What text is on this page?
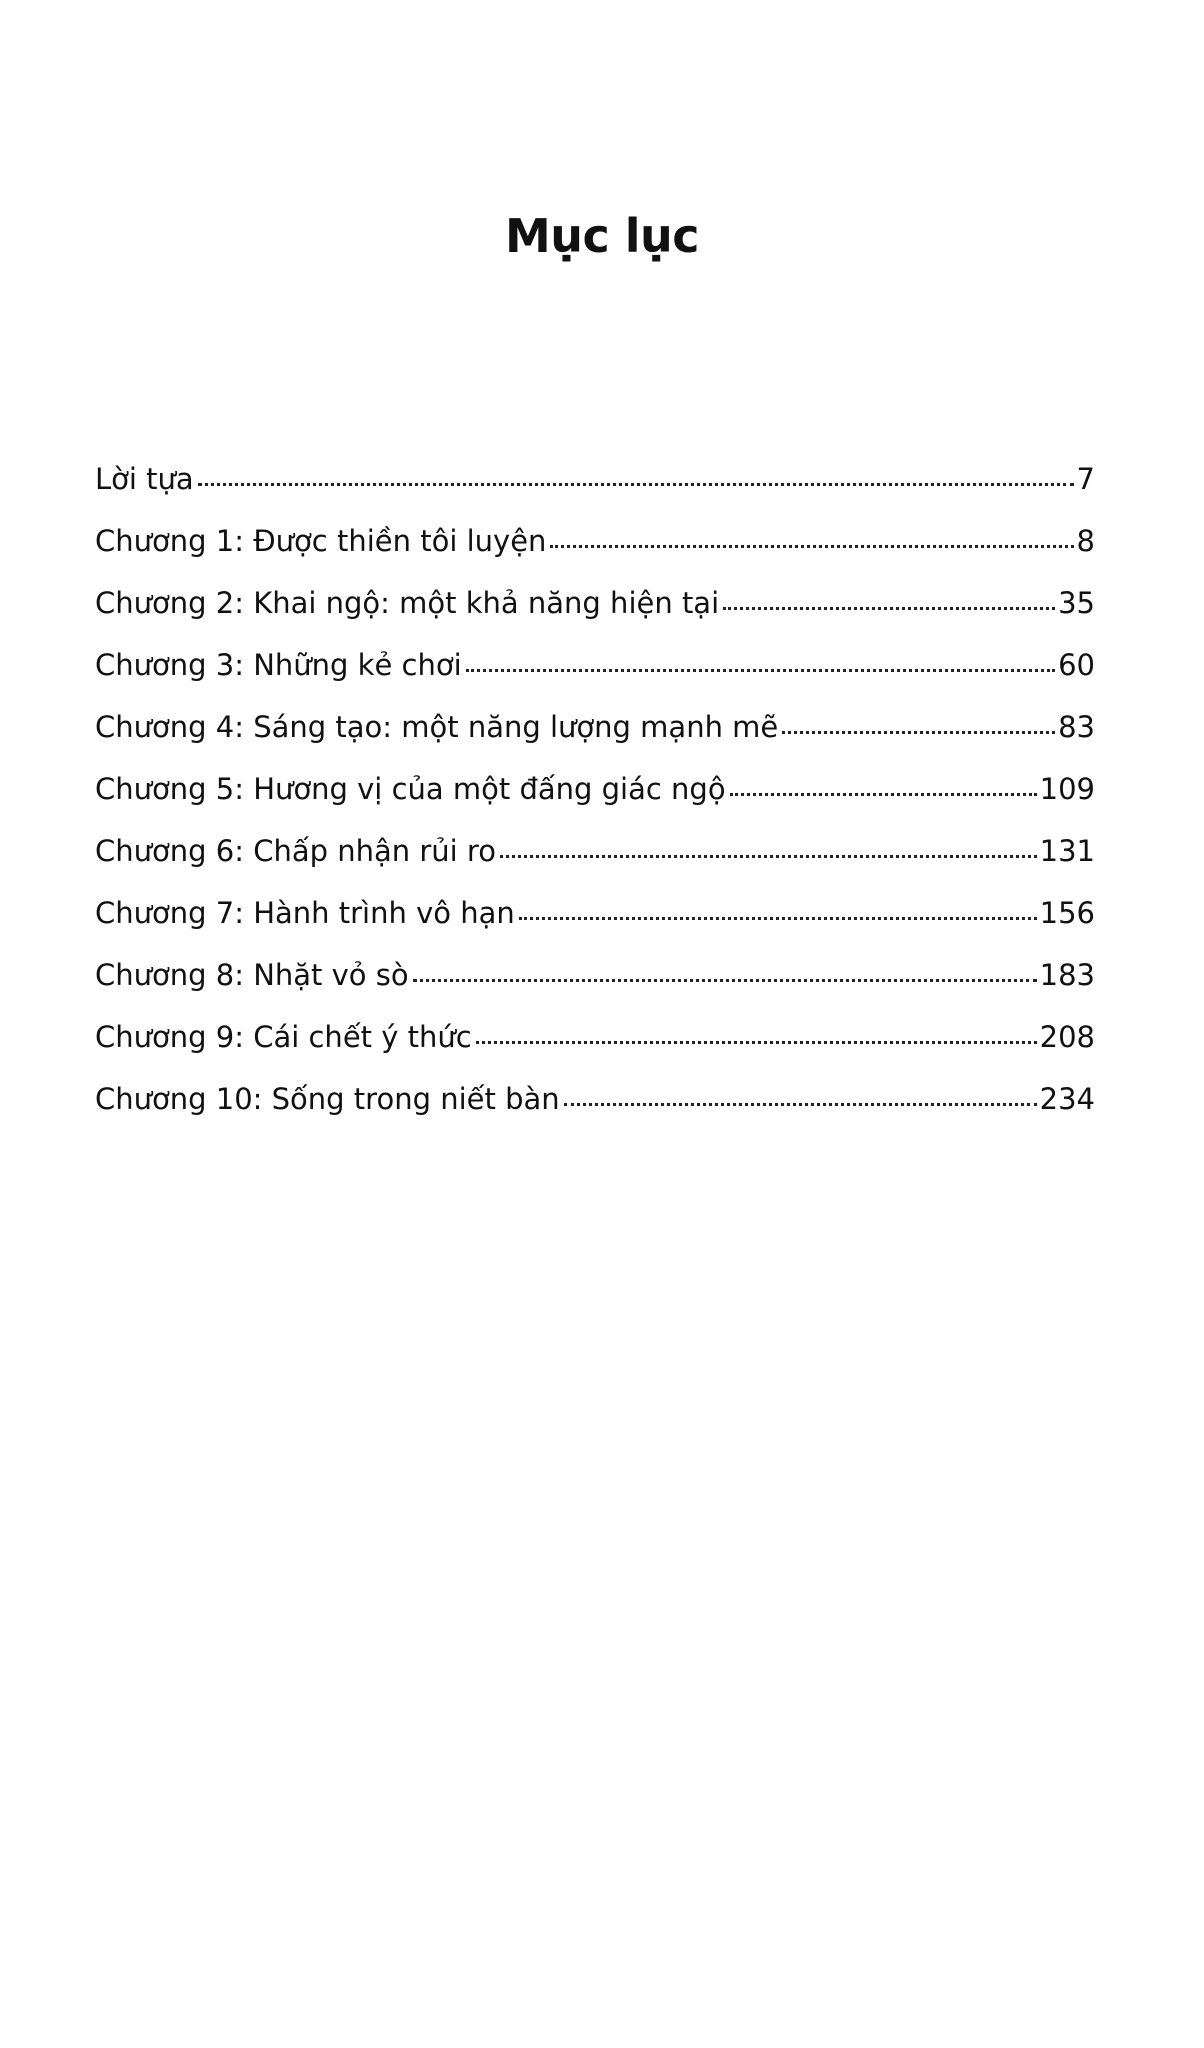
Mục lục
Lời tựa	7
Chương 1: Được thiền tôi luyện	8
Chương 2: Khai ngộ: một khả năng hiện tại	35
Chương 3: Những kẻ chơi	60
Chương 4: Sáng tạo: một năng lượng mạnh mẽ	83
Chương 5: Hương vị của một đấng giác ngộ	109
Chương 6: Chấp nhận rủi ro	131
Chương 7: Hành trình vô hạn	156
Chương 8: Nhặt vỏ sò	183
Chương 9: Cái chết ý thức	208
Chương 10: Sống trong niết bàn	234
